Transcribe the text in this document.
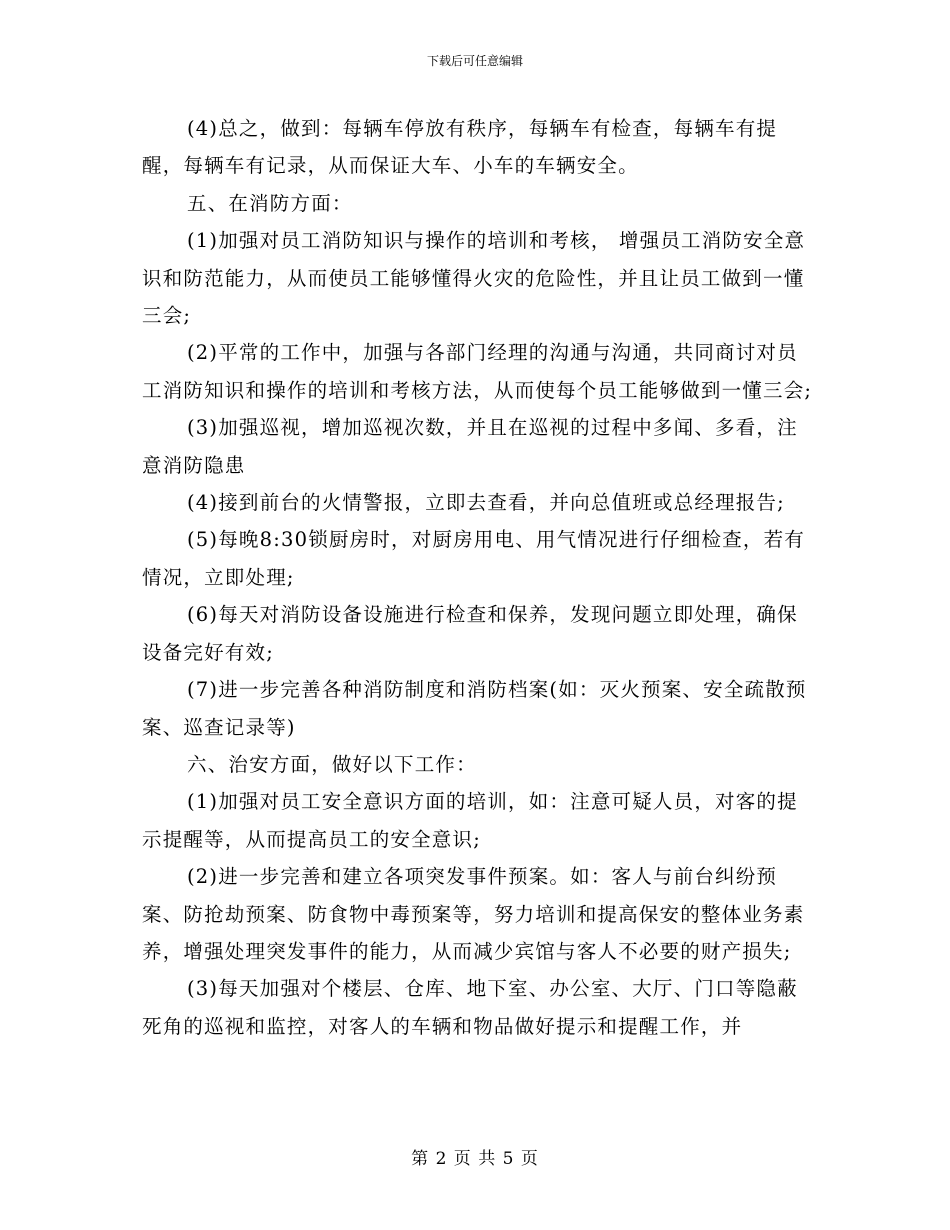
下载后可任意编辑

(4)总之，做到：每辆车停放有秩序，每辆车有检查，每辆车有提醒，每辆车有记录，从而保证大车、小车的车辆安全。

五、在消防方面：

(1)加强对员工消防知识与操作的培训和考核， 增强员工消防安全意识和防范能力，从而使员工能够懂得火灾的危险性，并且让员工做到一懂三会;

(2)平常的工作中，加强与各部门经理的沟通与沟通，共同商讨对员工消防知识和操作的培训和考核方法，从而使每个员工能够做到一懂三会;

(3)加强巡视，增加巡视次数，并且在巡视的过程中多闻、多看，注意消防隐患

(4)接到前台的火情警报，立即去查看，并向总值班或总经理报告;

(5)每晚8:30锁厨房时，对厨房用电、用气情况进行仔细检查，若有情况，立即处理;

(6)每天对消防设备设施进行检查和保养，发现问题立即处理，确保设备完好有效;

(7)进一步完善各种消防制度和消防档案(如：灭火预案、安全疏散预案、巡查记录等)

六、治安方面，做好以下工作：

(1)加强对员工安全意识方面的培训，如：注意可疑人员，对客的提示提醒等，从而提高员工的安全意识;

(2)进一步完善和建立各项突发事件预案。如：客人与前台纠纷预案、防抢劫预案、防食物中毒预案等，努力培训和提高保安的整体业务素养，增强处理突发事件的能力，从而减少宾馆与客人不必要的财产损失;

(3)每天加强对个楼层、仓库、地下室、办公室、大厅、门口等隐蔽死角的巡视和监控，对客人的车辆和物品做好提示和提醒工作，并

第 2 页 共 5 页
